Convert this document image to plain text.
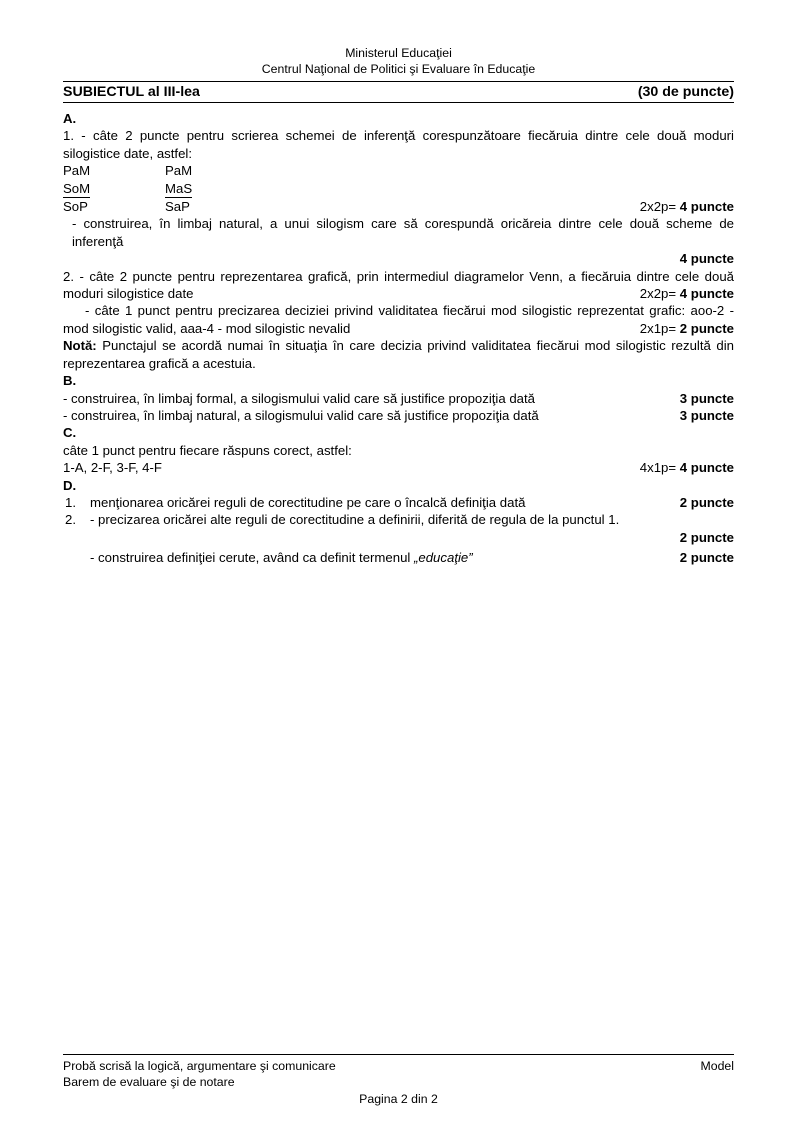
Ministerul Educaţiei
Centrul Naţional de Politici şi Evaluare în Educaţie
SUBIECTUL al III-lea	(30 de puncte)
A.
1. - câte 2 puncte pentru scrierea schemei de inferenţă corespunzătoare fiecăruia dintre cele două moduri silogistice date, astfel:
PaM	PaM
SoM	MaS
SoP	SaP	2x2p= 4 puncte
- construirea, în limbaj natural, a unui silogism care să corespundă oricăreia dintre cele două scheme de inferenţă
4 puncte
2. - câte 2 puncte pentru reprezentarea grafică, prin intermediul diagramelor Venn, a fiecăruia dintre cele două moduri silogistice date	2x2p= 4 puncte
- câte 1 punct pentru precizarea deciziei privind validitatea fiecărui mod silogistic reprezentat grafic: aoo-2 - mod silogistic valid, aaa-4 - mod silogistic nevalid	2x1p= 2 puncte
Notă: Punctajul se acordă numai în situaţia în care decizia privind validitatea fiecărui mod silogistic rezultă din reprezentarea grafică a acestuia.
B.
- construirea, în limbaj formal, a silogismului valid care să justifice propoziţia dată	3 puncte
- construirea, în limbaj natural, a silogismului valid care să justifice propoziţia dată	3 puncte
C.
câte 1 punct pentru fiecare răspuns corect, astfel:
1-A, 2-F, 3-F, 4-F	4x1p= 4 puncte
D.
1.	menţionarea oricărei reguli de corectitudine pe care o încalcă definiţia dată	2 puncte
2.	- precizarea oricărei alte reguli de corectitudine a definirii, diferită de regula de la punctul 1.
2 puncte
- construirea definiţiei cerute, având ca definit termenul „educaţie”	2 puncte
Probă scrisă la logică, argumentare şi comunicare	Model
Barem de evaluare şi de notare
Pagina 2 din 2
